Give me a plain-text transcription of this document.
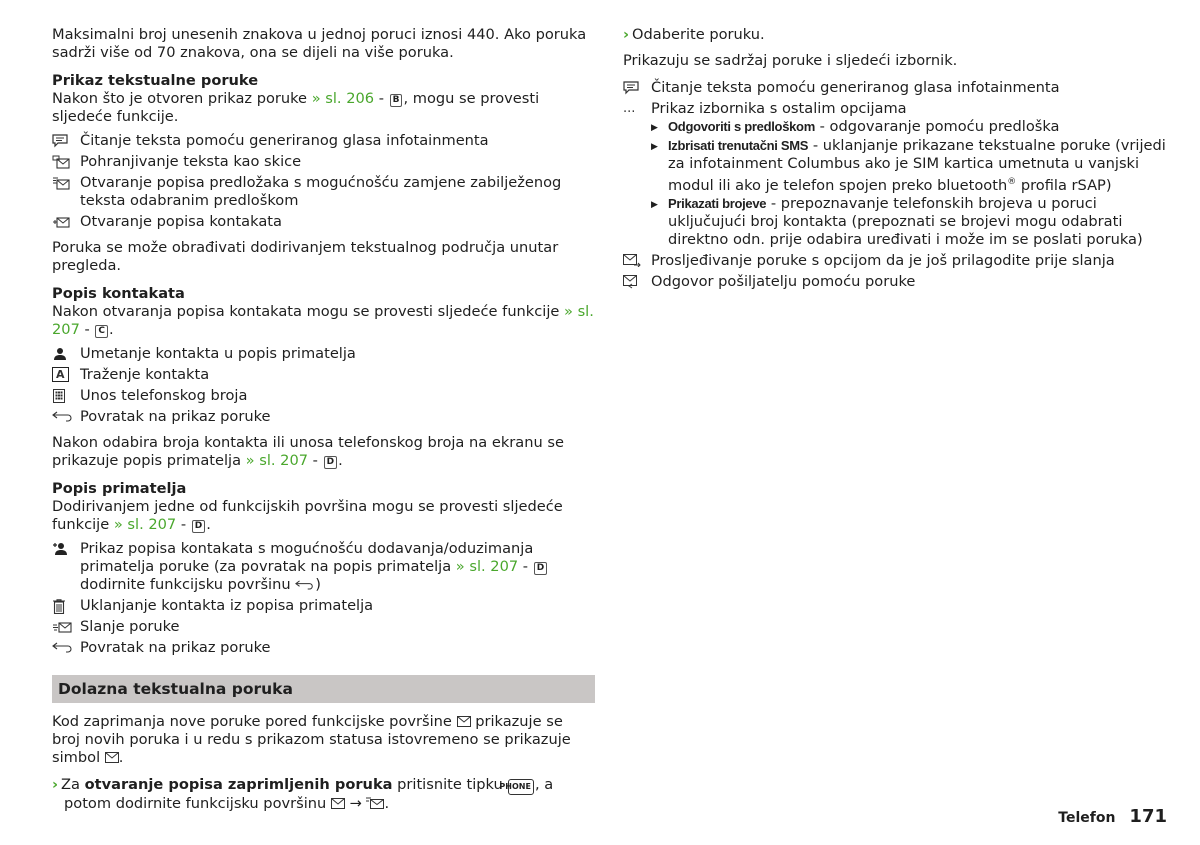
Maksimalni broj unesenih znakova u jednoj poruci iznosi 440. Ako poruka sadrži više od 70 znakova, ona se dijeli na više poruka.

Prikaz tekstualne poruke

Nakon što je otvoren prikaz poruke » sl. 206 - B , mogu se provesti sljedeće funkcije.

Čitanje teksta pomoću generiranog glasa infotainmenta
Pohranjivanje teksta kao skice
Otvaranje popisa predložaka s mogućnošću zamjene zabilježenog teksta odabranim predloškom
Otvaranje popisa kontakata

Poruka se može obrađivati dodirivanjem tekstualnog područja unutar pregleda.

Popis kontakata

Nakon otvaranja popisa kontakata mogu se provesti sljedeće funkcije » sl. 207 - C .

Umetanje kontakta u popis primatelja
A	Traženje kontakta
Unos telefonskog broja
Povratak na prikaz poruke

Nakon odabira broja kontakta ili unosa telefonskog broja na ekranu se prikazuje popis primatelja » sl. 207 - D .

Popis primatelja

Dodirivanjem jedne od funkcijskih površina mogu se provesti sljedeće funkcije » sl. 207 - D .

Prikaz popisa kontakata s mogućnošću dodavanja/oduzimanja primatelja poruke (za povratak na popis primatelja » sl. 207 - D dodirnite funkcijsku površinu )
Uklanjanje kontakta iz popisa primatelja
Slanje poruke
Povratak na prikaz poruke
Dolazna tekstualna poruka

Kod zaprimanja nove poruke pored funkcijske površine prikazuje se broj novih poruka i u redu s prikazom statusa istovremeno se prikazuje simbol .

› Za otvaranje popisa zaprimljenih poruka pritisnite tipku PHONE , a potom dodirnite funkcijsku površinu → .

› Odaberite poruku.

Prikazuju se sadržaj poruke i sljedeći izbornik.

Čitanje teksta pomoću generiranog glasa infotainmenta
...	Prikaz izbornika s ostalim opcijama
▶ Odgovoriti s predloškom - odgovaranje pomoću predloška
▶ Izbrisati trenutačni SMS - uklanjanje prikazane tekstualne poruke (vrijedi za infotainment Columbus ako je SIM kartica umetnuta u vanjski modul ili ako je telefon spojen preko bluetooth® profila rSAP)
▶ Prikazati brojeve - prepoznavanje telefonskih brojeva u poruci uključujući broj kontakta (prepoznati se brojevi mogu odabrati direktno odn. prije odabira uređivati i može im se poslati poruka)
Prosljeđivanje poruke s opcijom da je još prilagodite prije slanja
Odgovor pošiljatelju pomoću poruke
Telefon 171
